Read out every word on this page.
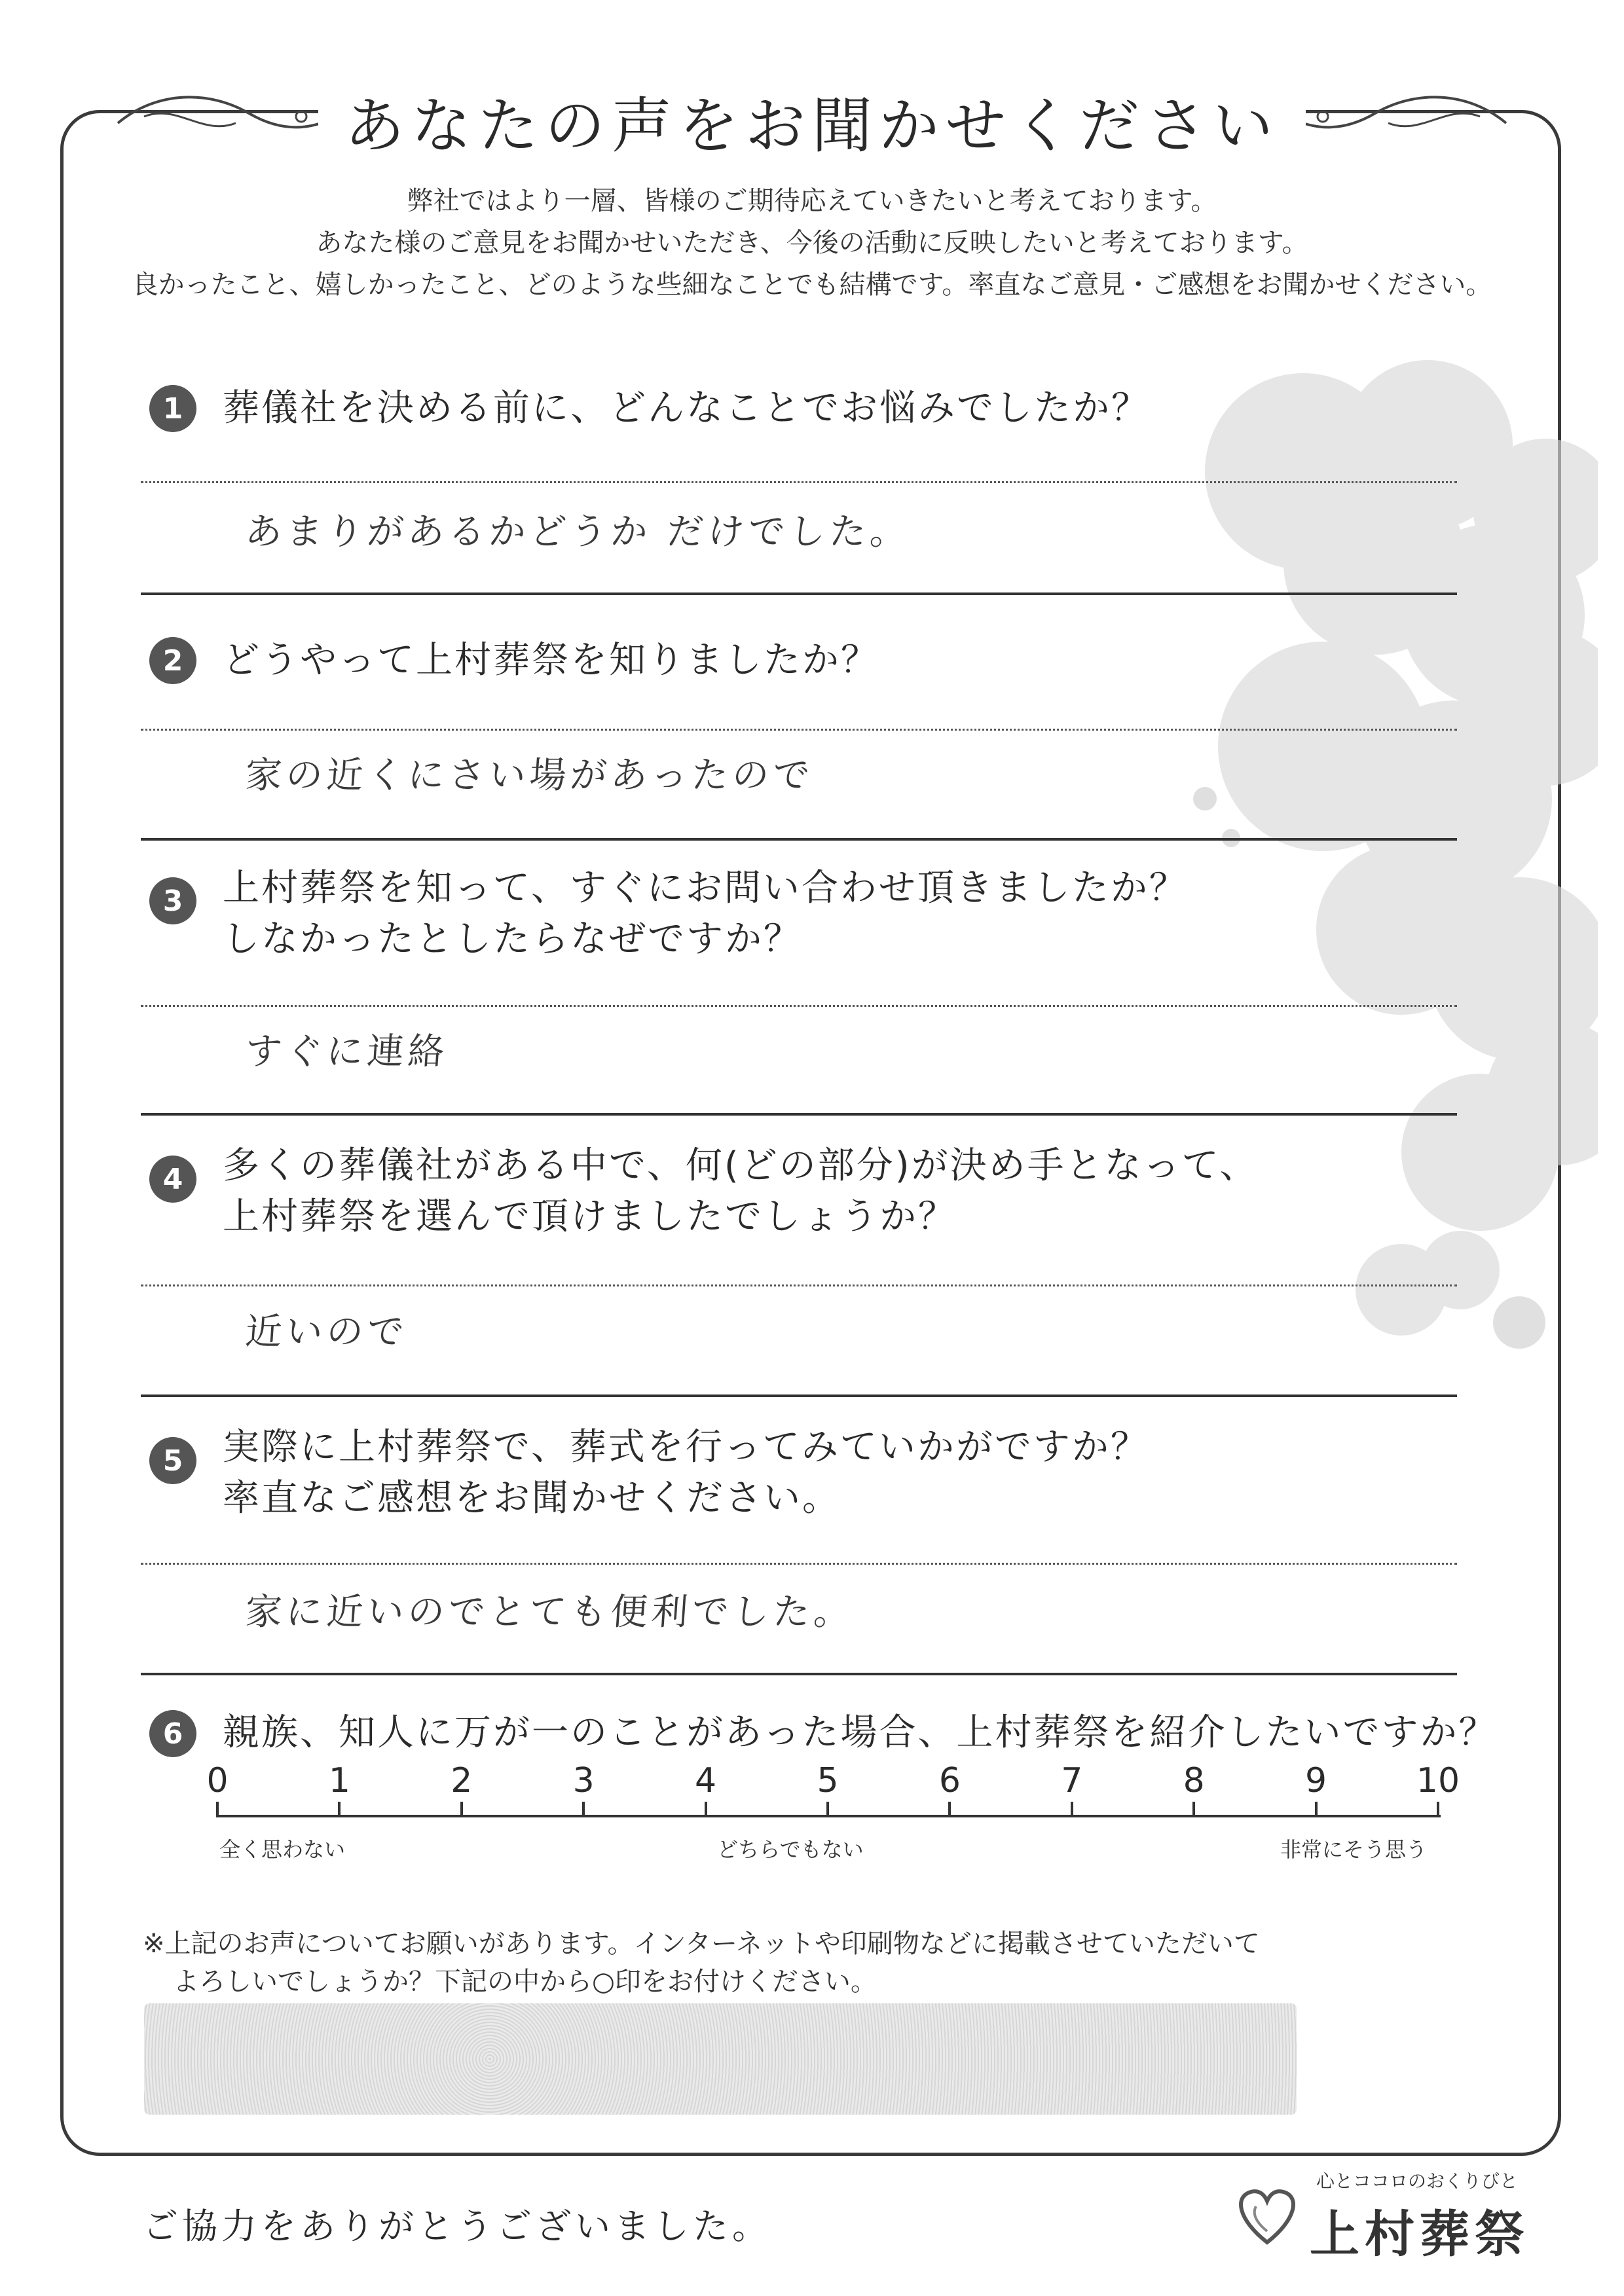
あなたの声をお聞かせください
弊社ではより一層、皆様のご期待応えていきたいと考えております。
あなた様のご意見をお聞かせいただき、今後の活動に反映したいと考えております。
良かったこと、嬉しかったこと、どのような些細なことでも結構です。率直なご意見・ご感想をお聞かせください。
1	葬儀社を決める前に、どんなことでお悩みでしたか？
あまりがあるかどうか だけでした。
2	どうやって上村葬祭を知りましたか？
家の近くにさい場があったので
3	上村葬祭を知って、すぐにお問い合わせ頂きましたか？
しなかったとしたらなぜですか？
すぐに連絡
4	多くの葬儀社がある中で、何(どの部分)が決め手となって、
上村葬祭を選んで頂けましたでしょうか？
近いので
5	実際に上村葬祭で、葬式を行ってみていかがですか？
率直なご感想をお聞かせください。
家に近いのでとても便利でした。
6	親族、知人に万が一のことがあった場合、上村葬祭を紹介したいですか？
0	1	2	3	4	5	6	7	8	9	10
全く思わない	どちらでもない	非常にそう思う
※上記のお声についてお願いがあります。インターネットや印刷物などに掲載させていただいて
よろしいでしょうか？下記の中から○印をお付けください。
ご協力をありがとうございました。
心とココロのおくりびと
上村葬祭
